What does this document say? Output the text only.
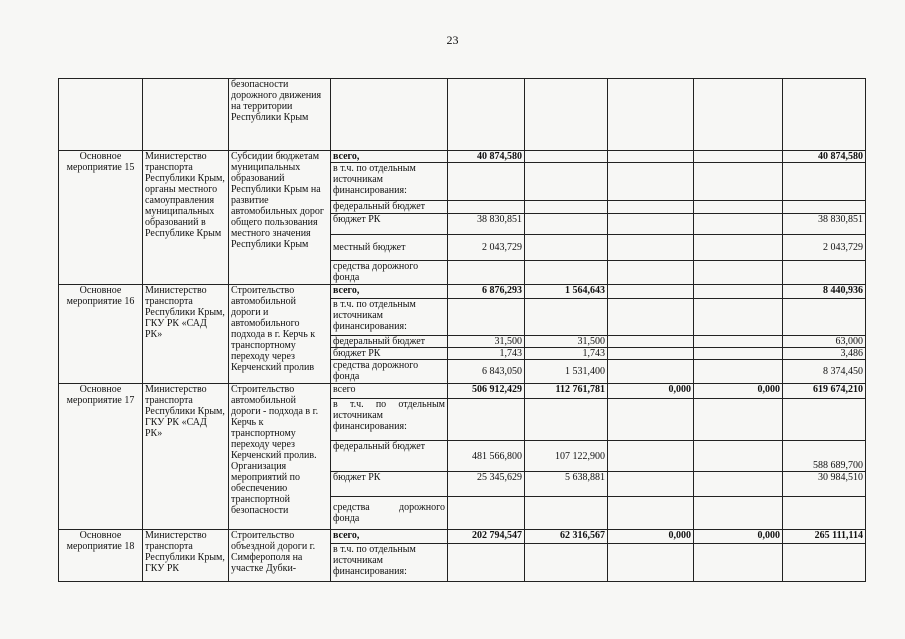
23
		безопасности дорожного движения на территории Республики Крым						
Основное мероприятие 15	Министерство транспорта Республики Крым, органы местного самоуправления муниципальных образований в Республике Крым	Субсидии бюджетам муниципальных образований Республики Крым на развитие автомобильных дорог общего пользования местного значения Республики Крым	всего,	40 874,580				40 874,580
			в т.ч. по отдельным источникам финансирования:					
			федеральный бюджет					
			бюджет РК	38 830,851				38 830,851
			местный бюджет	2 043,729				2 043,729
			средства дорожного фонда					
Основное мероприятие 16	Министерство транспорта Республики Крым, ГКУ РК «САД РК»	Строительство автомобильной дороги и автомобильного подхода в г. Керчь к транспортному переходу через Керченский пролив	всего,	6 876,293	1 564,643			8 440,936
			в т.ч. по отдельным источникам финансирования:					
			федеральный бюджет	31,500	31,500			63,000
			бюджет РК	1,743	1,743			3,486
			средства дорожного фонда	6 843,050	1 531,400			8 374,450
Основное мероприятие 17	Министерство транспорта Республики Крым, ГКУ РК «САД РК»	Строительство автомобильной дороги - подхода в г. Керчь к транспортному переходу через Керченский пролив. Организация мероприятий по обеспечению транспортной безопасности	всего	506 912,429	112 761,781	0,000	0,000	619 674,210
			в т.ч. по отдельным источникам финансирования:					
			федеральный бюджет	481 566,800	107 122,900			588 689,700
			бюджет РК	25 345,629	5 638,881			30 984,510
			средства дорожного фонда					
Основное мероприятие 18	Министерство транспорта Республики Крым, ГКУ РК	Строительство объездной дороги г. Симферополя на участке Дубки-	всего,	202 794,547	62 316,567	0,000	0,000	265 111,114
			в т.ч. по отдельным источникам финансирования:					
